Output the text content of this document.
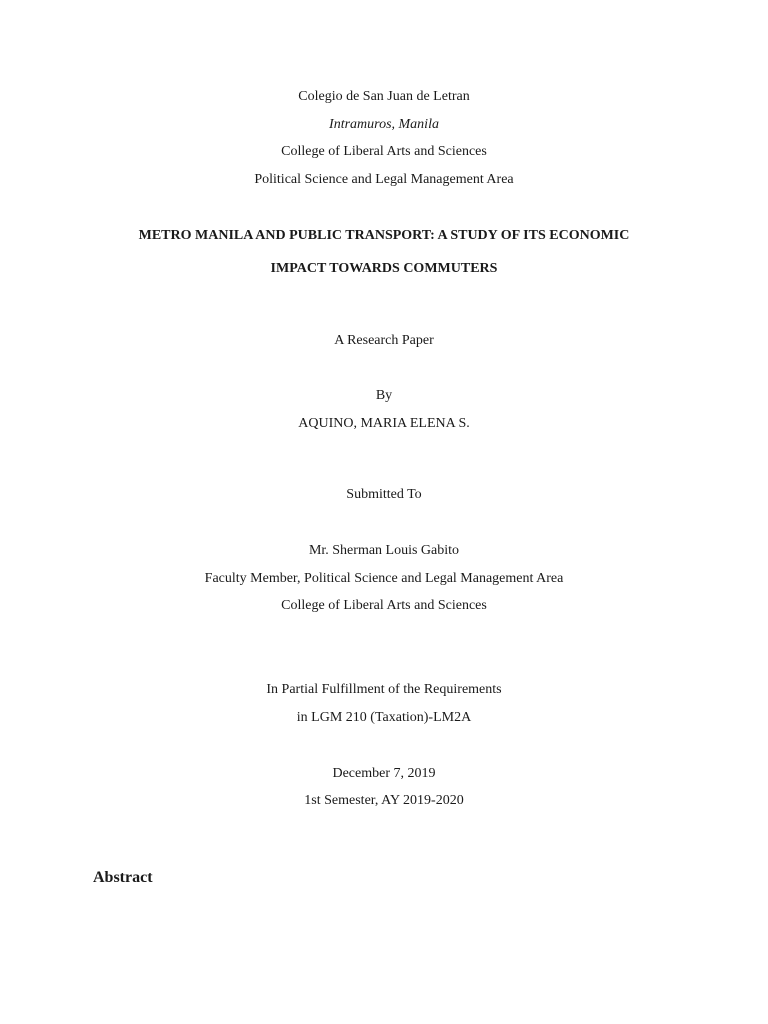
Colegio de San Juan de Letran
Intramuros, Manila
College of Liberal Arts and Sciences
Political Science and Legal Management Area
METRO MANILA AND PUBLIC TRANSPORT: A STUDY OF ITS ECONOMIC
IMPACT TOWARDS COMMUTERS
A Research Paper
By
AQUINO, MARIA ELENA S.
Submitted To
Mr. Sherman Louis Gabito
Faculty Member, Political Science and Legal Management Area
College of Liberal Arts and Sciences
In Partial Fulfillment of the Requirements
in LGM 210 (Taxation)-LM2A
December 7, 2019
1st Semester, AY 2019-2020
Abstract
